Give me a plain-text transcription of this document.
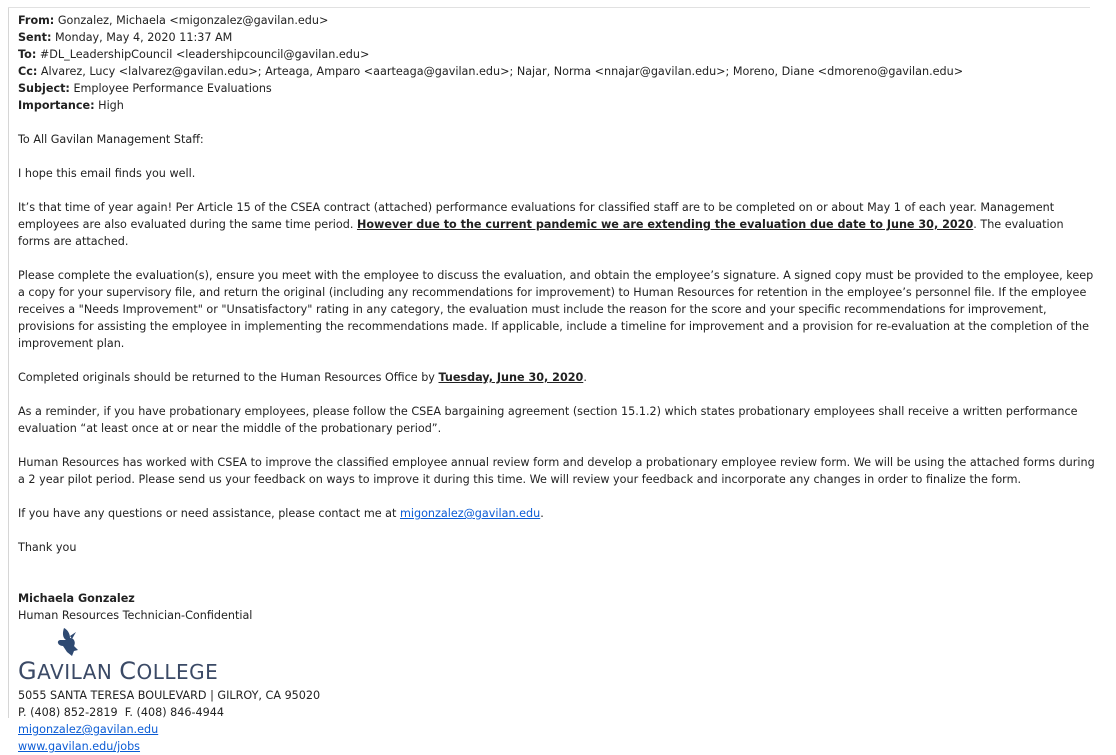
From: Gonzalez, Michaela <migonzalez@gavilan.edu>
Sent: Monday, May 4, 2020 11:37 AM
To: #DL_LeadershipCouncil <leadershipcouncil@gavilan.edu>
Cc: Alvarez, Lucy <lalvarez@gavilan.edu>; Arteaga, Amparo <aarteaga@gavilan.edu>; Najar, Norma <nnajar@gavilan.edu>; Moreno, Diane <dmoreno@gavilan.edu>
Subject: Employee Performance Evaluations
Importance: High

To All Gavilan Management Staff:

I hope this email finds you well.

It’s that time of year again! Per Article 15 of the CSEA contract (attached) performance evaluations for classified staff are to be completed on or about May 1 of each year. Management employees are also evaluated during the same time period. However due to the current pandemic we are extending the evaluation due date to June 30, 2020. The evaluation forms are attached.

Please complete the evaluation(s), ensure you meet with the employee to discuss the evaluation, and obtain the employee’s signature. A signed copy must be provided to the employee, keep a copy for your supervisory file, and return the original (including any recommendations for improvement) to Human Resources for retention in the employee’s personnel file. If the employee receives a "Needs Improvement" or "Unsatisfactory" rating in any category, the evaluation must include the reason for the score and your specific recommendations for improvement, provisions for assisting the employee in implementing the recommendations made. If applicable, include a timeline for improvement and a provision for re-evaluation at the completion of the improvement plan.

Completed originals should be returned to the Human Resources Office by Tuesday, June 30, 2020.

As a reminder, if you have probationary employees, please follow the CSEA bargaining agreement (section 15.1.2) which states probationary employees shall receive a written performance evaluation “at least once at or near the middle of the probationary period”.

Human Resources has worked with CSEA to improve the classified employee annual review form and develop a probationary employee review form. We will be using the attached forms during a 2 year pilot period. Please send us your feedback on ways to improve it during this time. We will review your feedback and incorporate any changes in order to finalize the form.

If you have any questions or need assistance, please contact me at migonzalez@gavilan.edu.

Thank you

Michaela Gonzalez
Human Resources Technician-Confidential
GAVILAN COLLEGE
5055 SANTA TERESA BOULEVARD | GILROY, CA 95020
P. (408) 852-2819  F. (408) 846-4944
migonzalez@gavilan.edu
www.gavilan.edu/jobs
